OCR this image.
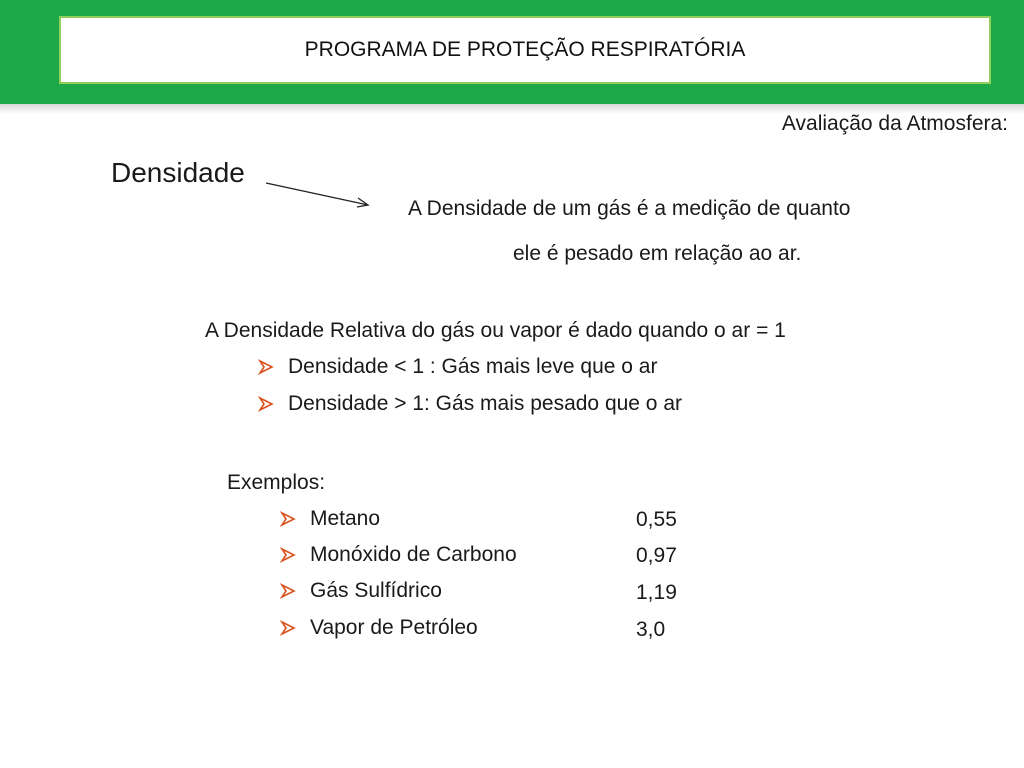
PROGRAMA DE PROTEÇÃO RESPIRATÓRIA
Avaliação da Atmosfera:
Densidade
A Densidade de um gás é a medição de quanto
ele é pesado em relação ao ar.
A Densidade Relativa do gás ou vapor é dado quando o ar = 1
Densidade < 1 : Gás mais leve que o ar
Densidade > 1: Gás mais pesado que o ar
Exemplos:
Metano	0,55
Monóxido de Carbono	0,97
Gás Sulfídrico	1,19
Vapor de Petróleo	3,0
